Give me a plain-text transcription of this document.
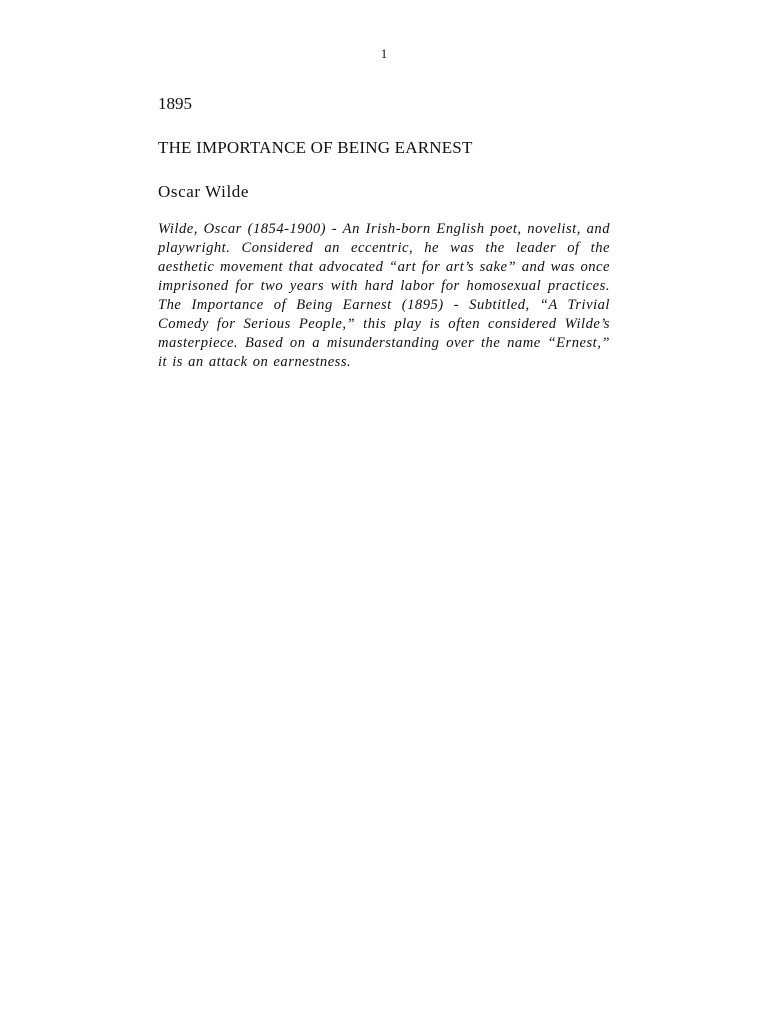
1
1895
THE IMPORTANCE OF BEING EARNEST
Oscar Wilde

Wilde, Oscar (1854-1900) - An Irish-born English poet, novelist, and playwright. Considered an eccentric, he was the leader of the aesthetic movement that advocated “art for art’s sake” and was once imprisoned for two years with hard labor for homosexual practices. The Importance of Being Earnest (1895) - Subtitled, “A Trivial Comedy for Serious People,” this play is often considered Wilde’s masterpiece. Based on a misunderstanding over the name “Ernest,” it is an attack on earnestness.
